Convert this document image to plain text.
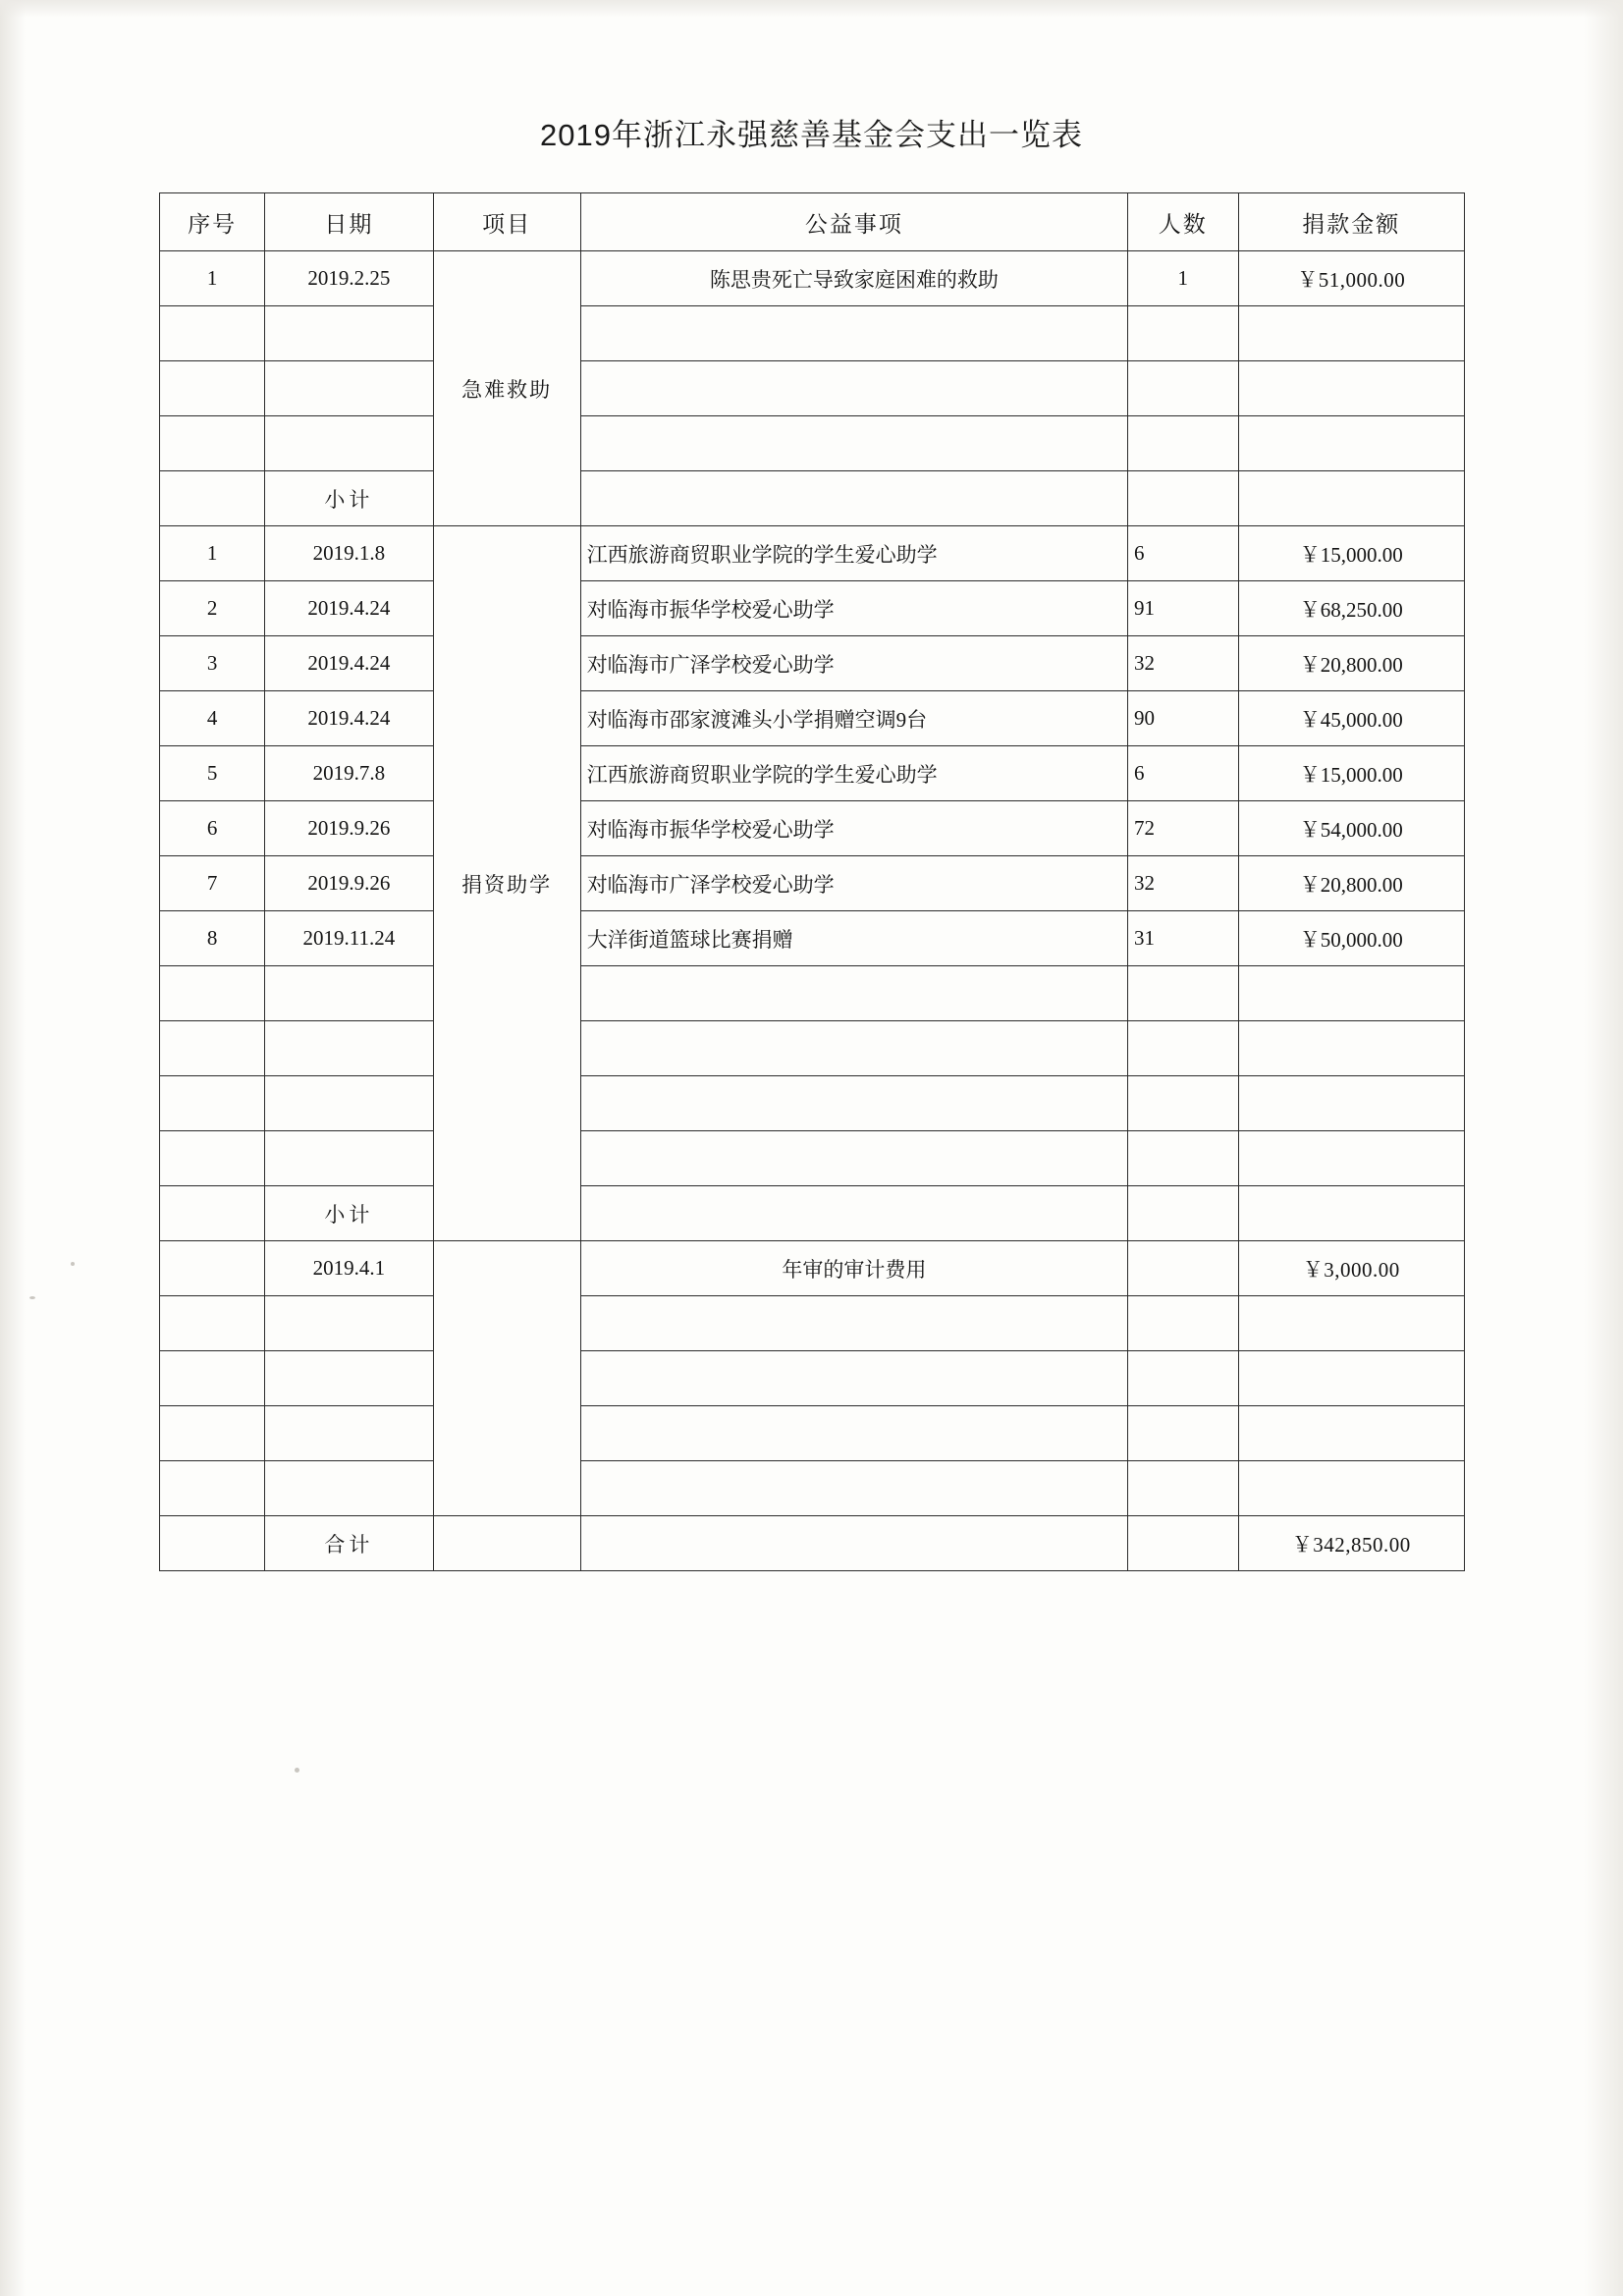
2019年浙江永强慈善基金会支出一览表
序号	日期	项目	公益事项	人数	捐款金额
1	2019.2.25	急难救助	陈思贵死亡导致家庭困难的救助	1	￥51,000.00

	小计				
1	2019.1.8	捐资助学	江西旅游商贸职业学院的学生爱心助学	6	￥15,000.00
2	2019.4.24		对临海市振华学校爱心助学	91	￥68,250.00
3	2019.4.24		对临海市广泽学校爱心助学	32	￥20,800.00
4	2019.4.24		对临海市邵家渡滩头小学捐赠空调9台	90	￥45,000.00
5	2019.7.8		江西旅游商贸职业学院的学生爱心助学	6	￥15,000.00
6	2019.9.26		对临海市振华学校爱心助学	72	￥54,000.00
7	2019.9.26		对临海市广泽学校爱心助学	32	￥20,800.00
8	2019.11.24		大洋街道篮球比赛捐赠	31	￥50,000.00

	小计				
	2019.4.1		年审的审计费用		￥3,000.00

	合计				￥342,850.00
